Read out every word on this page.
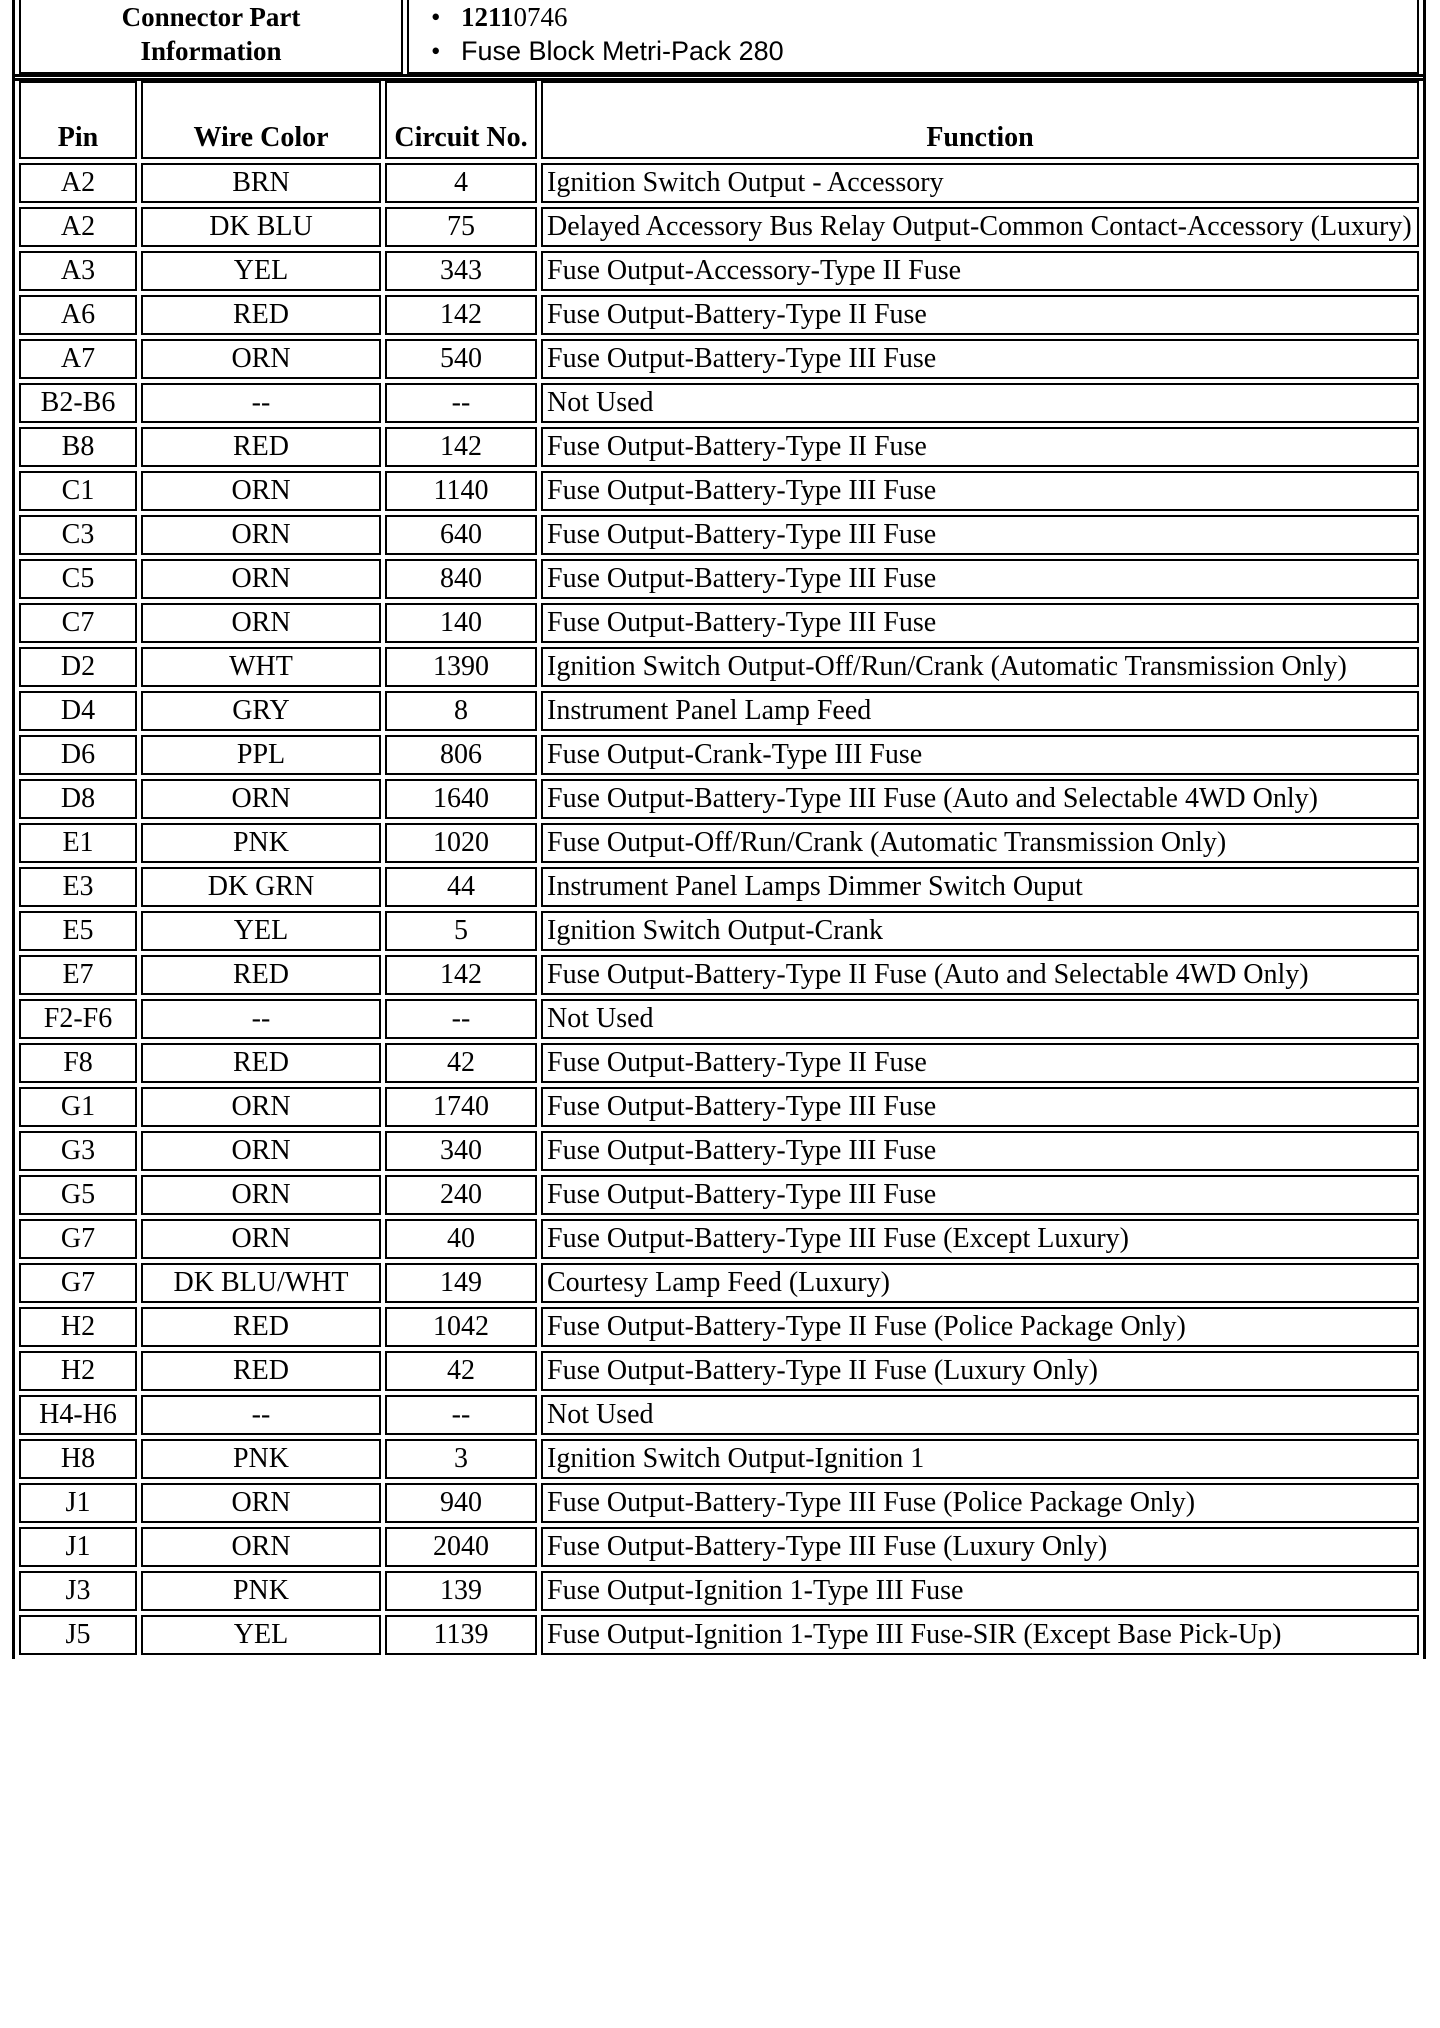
Connector Part
Information	
• 12110746
• Fuse Block Metri-Pack 280
Pin	Wire Color	Circuit No.	Function
A2	BRN	4	Ignition Switch Output - Accessory
A2	DK BLU	75	Delayed Accessory Bus Relay Output-Common Contact-Accessory (Luxury)
A3	YEL	343	Fuse Output-Accessory-Type II Fuse
A6	RED	142	Fuse Output-Battery-Type II Fuse
A7	ORN	540	Fuse Output-Battery-Type III Fuse
B2-B6	--	--	Not Used
B8	RED	142	Fuse Output-Battery-Type II Fuse
C1	ORN	1140	Fuse Output-Battery-Type III Fuse
C3	ORN	640	Fuse Output-Battery-Type III Fuse
C5	ORN	840	Fuse Output-Battery-Type III Fuse
C7	ORN	140	Fuse Output-Battery-Type III Fuse
D2	WHT	1390	Ignition Switch Output-Off/Run/Crank (Automatic Transmission Only)
D4	GRY	8	Instrument Panel Lamp Feed
D6	PPL	806	Fuse Output-Crank-Type III Fuse
D8	ORN	1640	Fuse Output-Battery-Type III Fuse (Auto and Selectable 4WD Only)
E1	PNK	1020	Fuse Output-Off/Run/Crank (Automatic Transmission Only)
E3	DK GRN	44	Instrument Panel Lamps Dimmer Switch Ouput
E5	YEL	5	Ignition Switch Output-Crank
E7	RED	142	Fuse Output-Battery-Type II Fuse (Auto and Selectable 4WD Only)
F2-F6	--	--	Not Used
F8	RED	42	Fuse Output-Battery-Type II Fuse
G1	ORN	1740	Fuse Output-Battery-Type III Fuse
G3	ORN	340	Fuse Output-Battery-Type III Fuse
G5	ORN	240	Fuse Output-Battery-Type III Fuse
G7	ORN	40	Fuse Output-Battery-Type III Fuse (Except Luxury)
G7	DK BLU/WHT	149	Courtesy Lamp Feed (Luxury)
H2	RED	1042	Fuse Output-Battery-Type II Fuse (Police Package Only)
H2	RED	42	Fuse Output-Battery-Type II Fuse (Luxury Only)
H4-H6	--	--	Not Used
H8	PNK	3	Ignition Switch Output-Ignition 1
J1	ORN	940	Fuse Output-Battery-Type III Fuse (Police Package Only)
J1	ORN	2040	Fuse Output-Battery-Type III Fuse (Luxury Only)
J3	PNK	139	Fuse Output-Ignition 1-Type III Fuse
J5	YEL	1139	Fuse Output-Ignition 1-Type III Fuse-SIR (Except Base Pick-Up)
